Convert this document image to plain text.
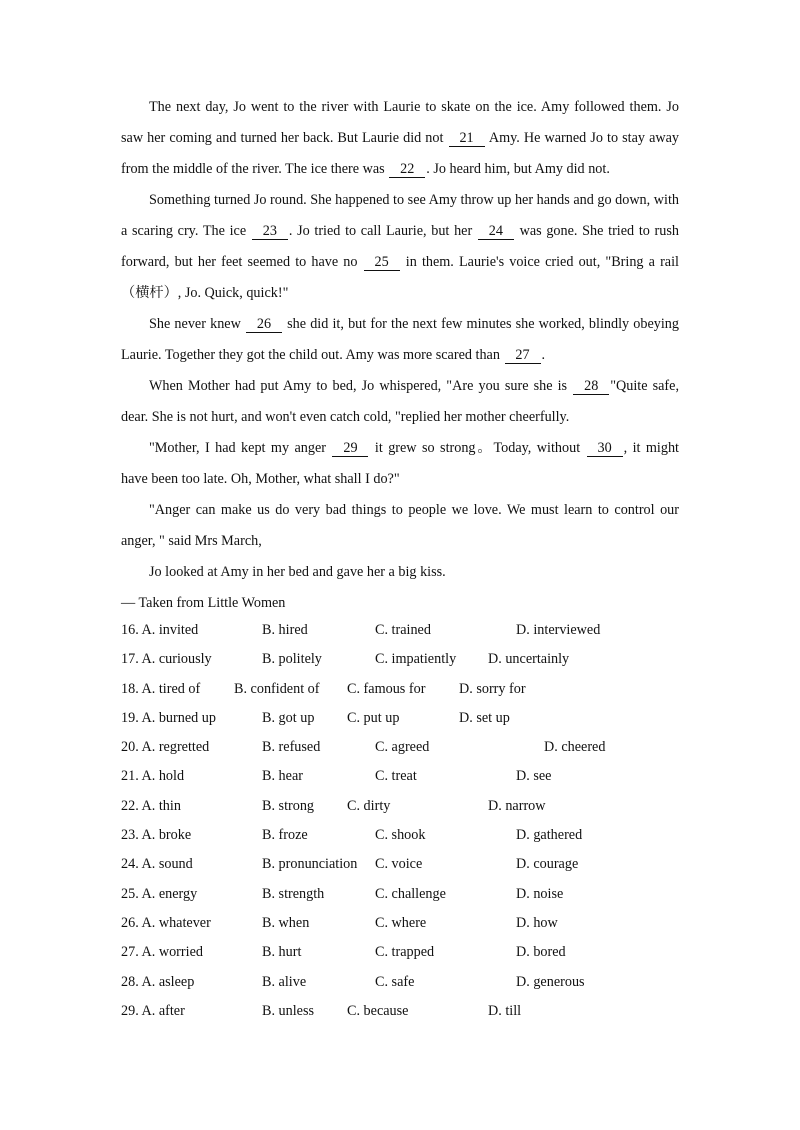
The next day, Jo went to the river with Laurie to skate on the ice. Amy followed them. Jo saw her coming and turned her back. But Laurie did not 21 Amy. He warned Jo to stay away from the middle of the river. The ice there was 22 . Jo heard him, but Amy did not.

Something turned Jo round. She happened to see Amy throw up her hands and go down, with a scaring cry. The ice 23 . Jo tried to call Laurie, but her 24 was gone. She tried to rush forward, but her feet seemed to have no 25 in them. Laurie's voice cried out, "Bring a rail（横杆）, Jo. Quick, quick!"

She never knew 26 she did it, but for the next few minutes she worked, blindly obeying Laurie. Together they got the child out. Amy was more scared than 27 .

When Mother had put Amy to bed, Jo whispered, "Are you sure she is 28 "Quite safe, dear. She is not hurt, and won't even catch cold, "replied her mother cheerfully.

"Mother, I had kept my anger 29 it grew so strong。Today, without 30 , it might have been too late. Oh, Mother, what shall I do?"

"Anger can make us do very bad things to people we love. We must learn to control our anger, " said Mrs March,

Jo looked at Amy in her bed and gave her a big kiss.

— Taken from Little Women

16. A. invited	B. hired	C. trained	D. interviewed
17. A. curiously	B. politely	C. impatiently D. uncertainly
18. A. tired of B. confident of C. famous for D. sorry for
19. A. burned up	B. got up C. put up	D. set up
20. A. regretted	B. refused	C. agreed	D. cheered
21. A. hold	B. hear	C. treat	D. see
22. A. thin	B. strong C. dirty	D. narrow
23. A. broke	B. froze	C. shook	D. gathered
24. A. sound	B. pronunciation C. voice	D. courage
25. A. energy	B. strength	C. challenge	D. noise
26. A. whatever	B. when	C. where	D. how
27. A. worried	B. hurt	C. trapped	D. bored
28. A. asleep	B. alive	C. safe	D. generous
29. A. after	B. unless C. because	D. till
